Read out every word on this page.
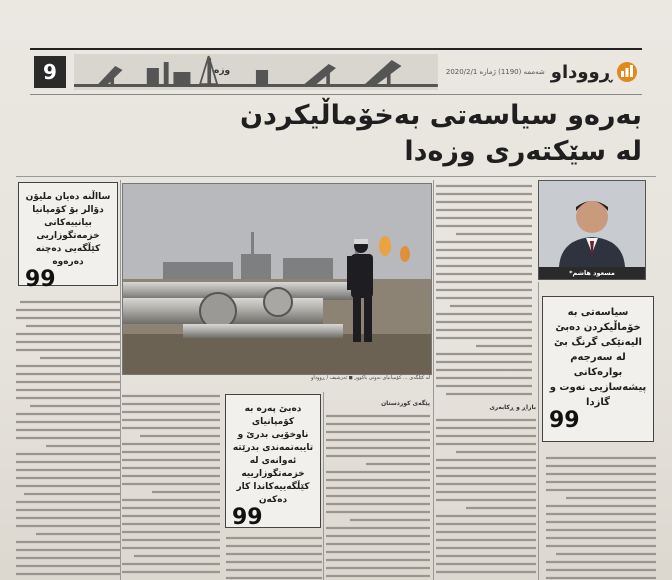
9	وزە	2020/2/1 شەممە (1190) ژمارە ڕووداو
بەرەو سیاسەتی بەخۆماڵیکردن
لە سێکتەری وزەدا
سااڵنە دەیان ملیۆن دۆالر بۆ کۆمپانیا بیانییەکانی خزمەتگوزاریی کێڵگەیی دەچنە دەرەوە
99
لە کێڵگەی ... کۆمپانیای نەوتی باکوور ◼ ئەرشیف / ڕووداو
مسعود هاشم*
سیاسەتی بە خۆماڵیکردن دەبێ الیەنێکی گرنگ بێ لە سەرجەم بوارەکانی پیشەسازیی نەوت و گازدا
99
دەبێ پەرە بە کۆمپانیای ناوخۆیی بدرێ و تایبەتمەندی بدرێتە ئەوانەی لە خزمەتگوزارییە کێڵگەییەکاندا کار دەکەن
99
پێگەی کوردستان
بازاڕ و ڕکابەری
